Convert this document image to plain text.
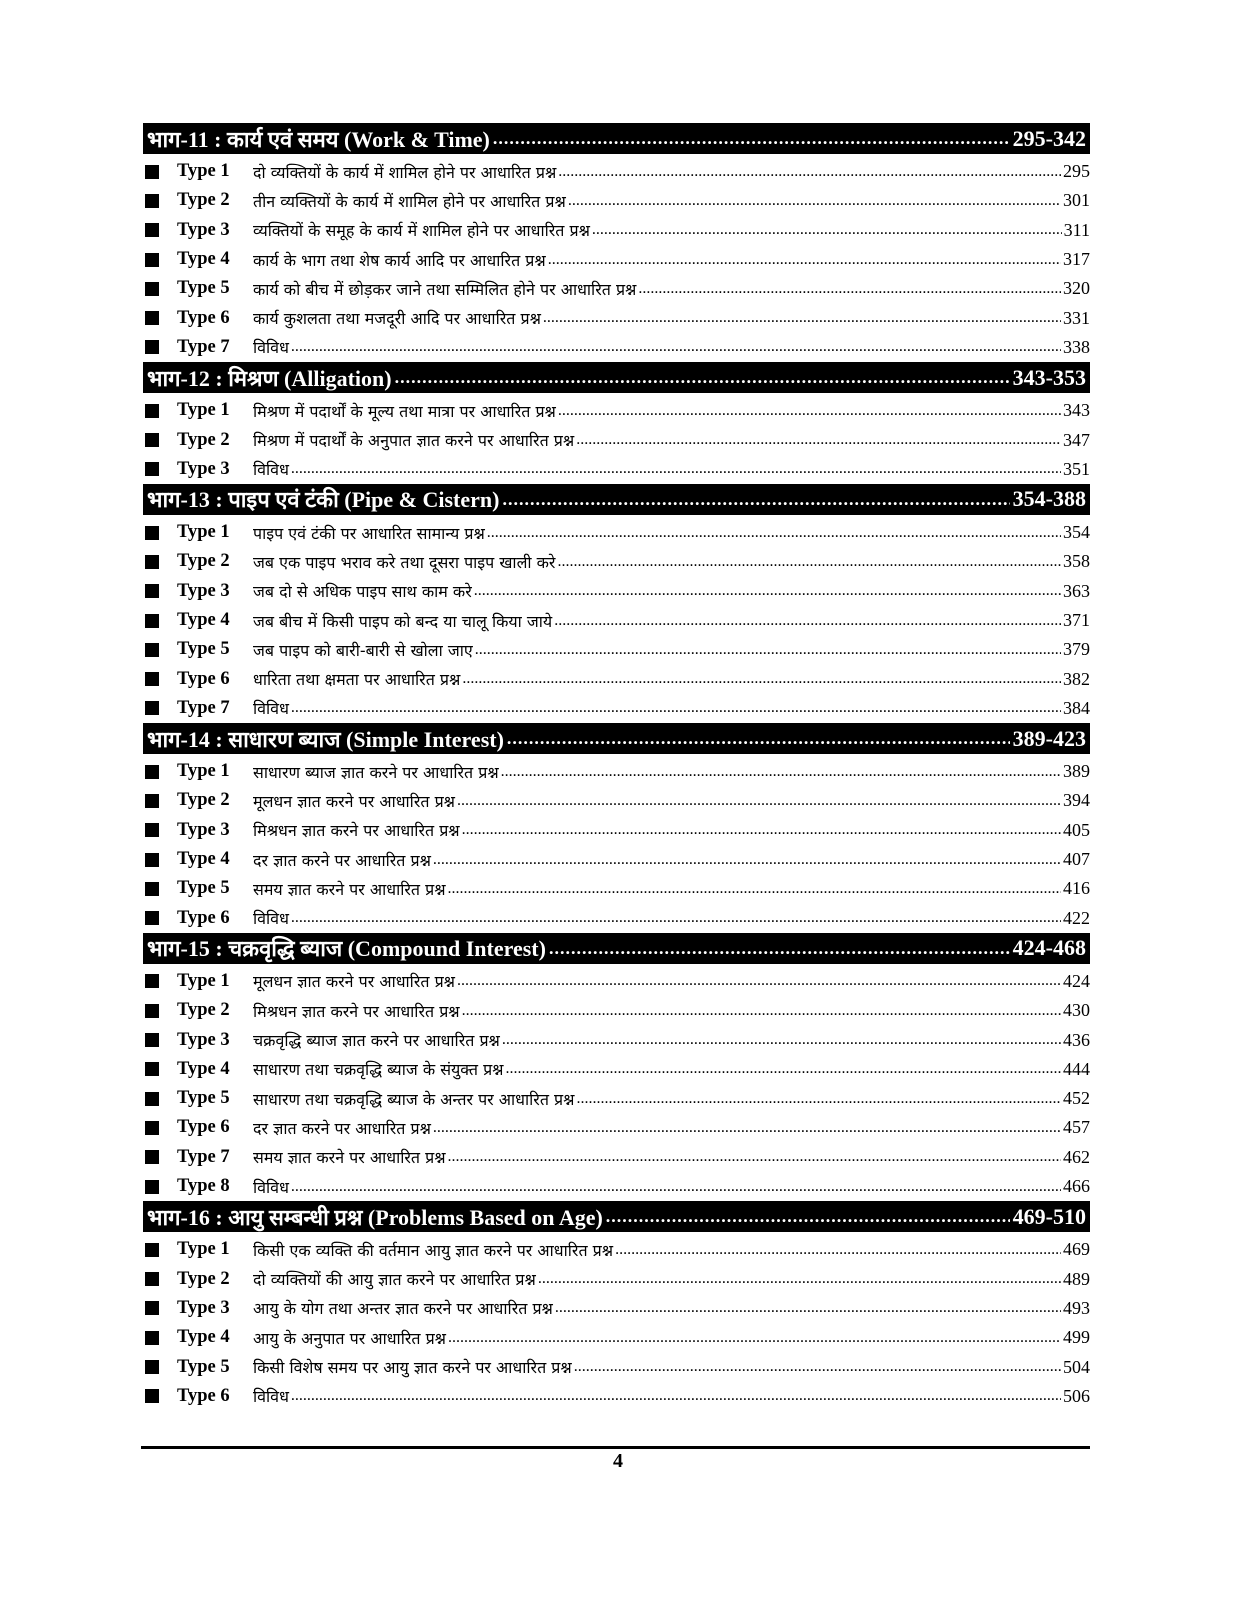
भाग-11 : कार्य एवं समय (Work & Time) .....	295-342
Type 1	दो व्यक्तियों के कार्य में शामिल होने पर आधारित प्रश्न .....	295
Type 2	तीन व्यक्तियों के कार्य में शामिल होने पर आधारित प्रश्न .....	301
Type 3	व्यक्तियों के समूह के कार्य में शामिल होने पर आधारित प्रश्न .....	311
Type 4	कार्य के भाग तथा शेष कार्य आदि पर आधारित प्रश्न .....	317
Type 5	कार्य को बीच में छोड़कर जाने तथा सम्मिलित होने पर आधारित प्रश्न .....	320
Type 6	कार्य कुशलता तथा मजदूरी आदि पर आधारित प्रश्न .....	331
Type 7	विविध .....	338
भाग-12 : मिश्रण (Alligation) .....	343-353
Type 1	मिश्रण में पदार्थों के मूल्य तथा मात्रा पर आधारित प्रश्न .....	343
Type 2	मिश्रण में पदार्थों के अनुपात ज्ञात करने पर आधारित प्रश्न .....	347
Type 3	विविध .....	351
भाग-13 : पाइप एवं टंकी (Pipe & Cistern) .....	354-388
Type 1	पाइप एवं टंकी पर आधारित सामान्य प्रश्न .....	354
Type 2	जब एक पाइप भराव करे तथा दूसरा पाइप खाली करे .....	358
Type 3	जब दो से अधिक पाइप साथ काम करे .....	363
Type 4	जब बीच में किसी पाइप को बन्द या चालू किया जाये .....	371
Type 5	जब पाइप को बारी-बारी से खोला जाए .....	379
Type 6	धारिता तथा क्षमता पर आधारित प्रश्न .....	382
Type 7	विविध .....	384
भाग-14 : साधारण ब्याज (Simple Interest) .....	389-423
Type 1	साधारण ब्याज ज्ञात करने पर आधारित प्रश्न .....	389
Type 2	मूलधन ज्ञात करने पर आधारित प्रश्न .....	394
Type 3	मिश्रधन ज्ञात करने पर आधारित प्रश्न .....	405
Type 4	दर ज्ञात करने पर आधारित प्रश्न .....	407
Type 5	समय ज्ञात करने पर आधारित प्रश्न .....	416
Type 6	विविध .....	422
भाग-15 : चक्रवृद्धि ब्याज (Compound Interest) .....	424-468
Type 1	मूलधन ज्ञात करने पर आधारित प्रश्न .....	424
Type 2	मिश्रधन ज्ञात करने पर आधारित प्रश्न .....	430
Type 3	चक्रवृद्धि ब्याज ज्ञात करने पर आधारित प्रश्न .....	436
Type 4	साधारण तथा चक्रवृद्धि ब्याज के संयुक्त प्रश्न .....	444
Type 5	साधारण तथा चक्रवृद्धि ब्याज के अन्तर पर आधारित प्रश्न .....	452
Type 6	दर ज्ञात करने पर आधारित प्रश्न .....	457
Type 7	समय ज्ञात करने पर आधारित प्रश्न .....	462
Type 8	विविध .....	466
भाग-16 : आयु सम्बन्धी प्रश्न (Problems Based on Age) .....	469-510
Type 1	किसी एक व्यक्ति की वर्तमान आयु ज्ञात करने पर आधारित प्रश्न .....	469
Type 2	दो व्यक्तियों की आयु ज्ञात करने पर आधारित प्रश्न .....	489
Type 3	आयु के योग तथा अन्तर ज्ञात करने पर आधारित प्रश्न .....	493
Type 4	आयु के अनुपात पर आधारित प्रश्न .....	499
Type 5	किसी विशेष समय पर आयु ज्ञात करने पर आधारित प्रश्न .....	504
Type 6	विविध .....	506
4
